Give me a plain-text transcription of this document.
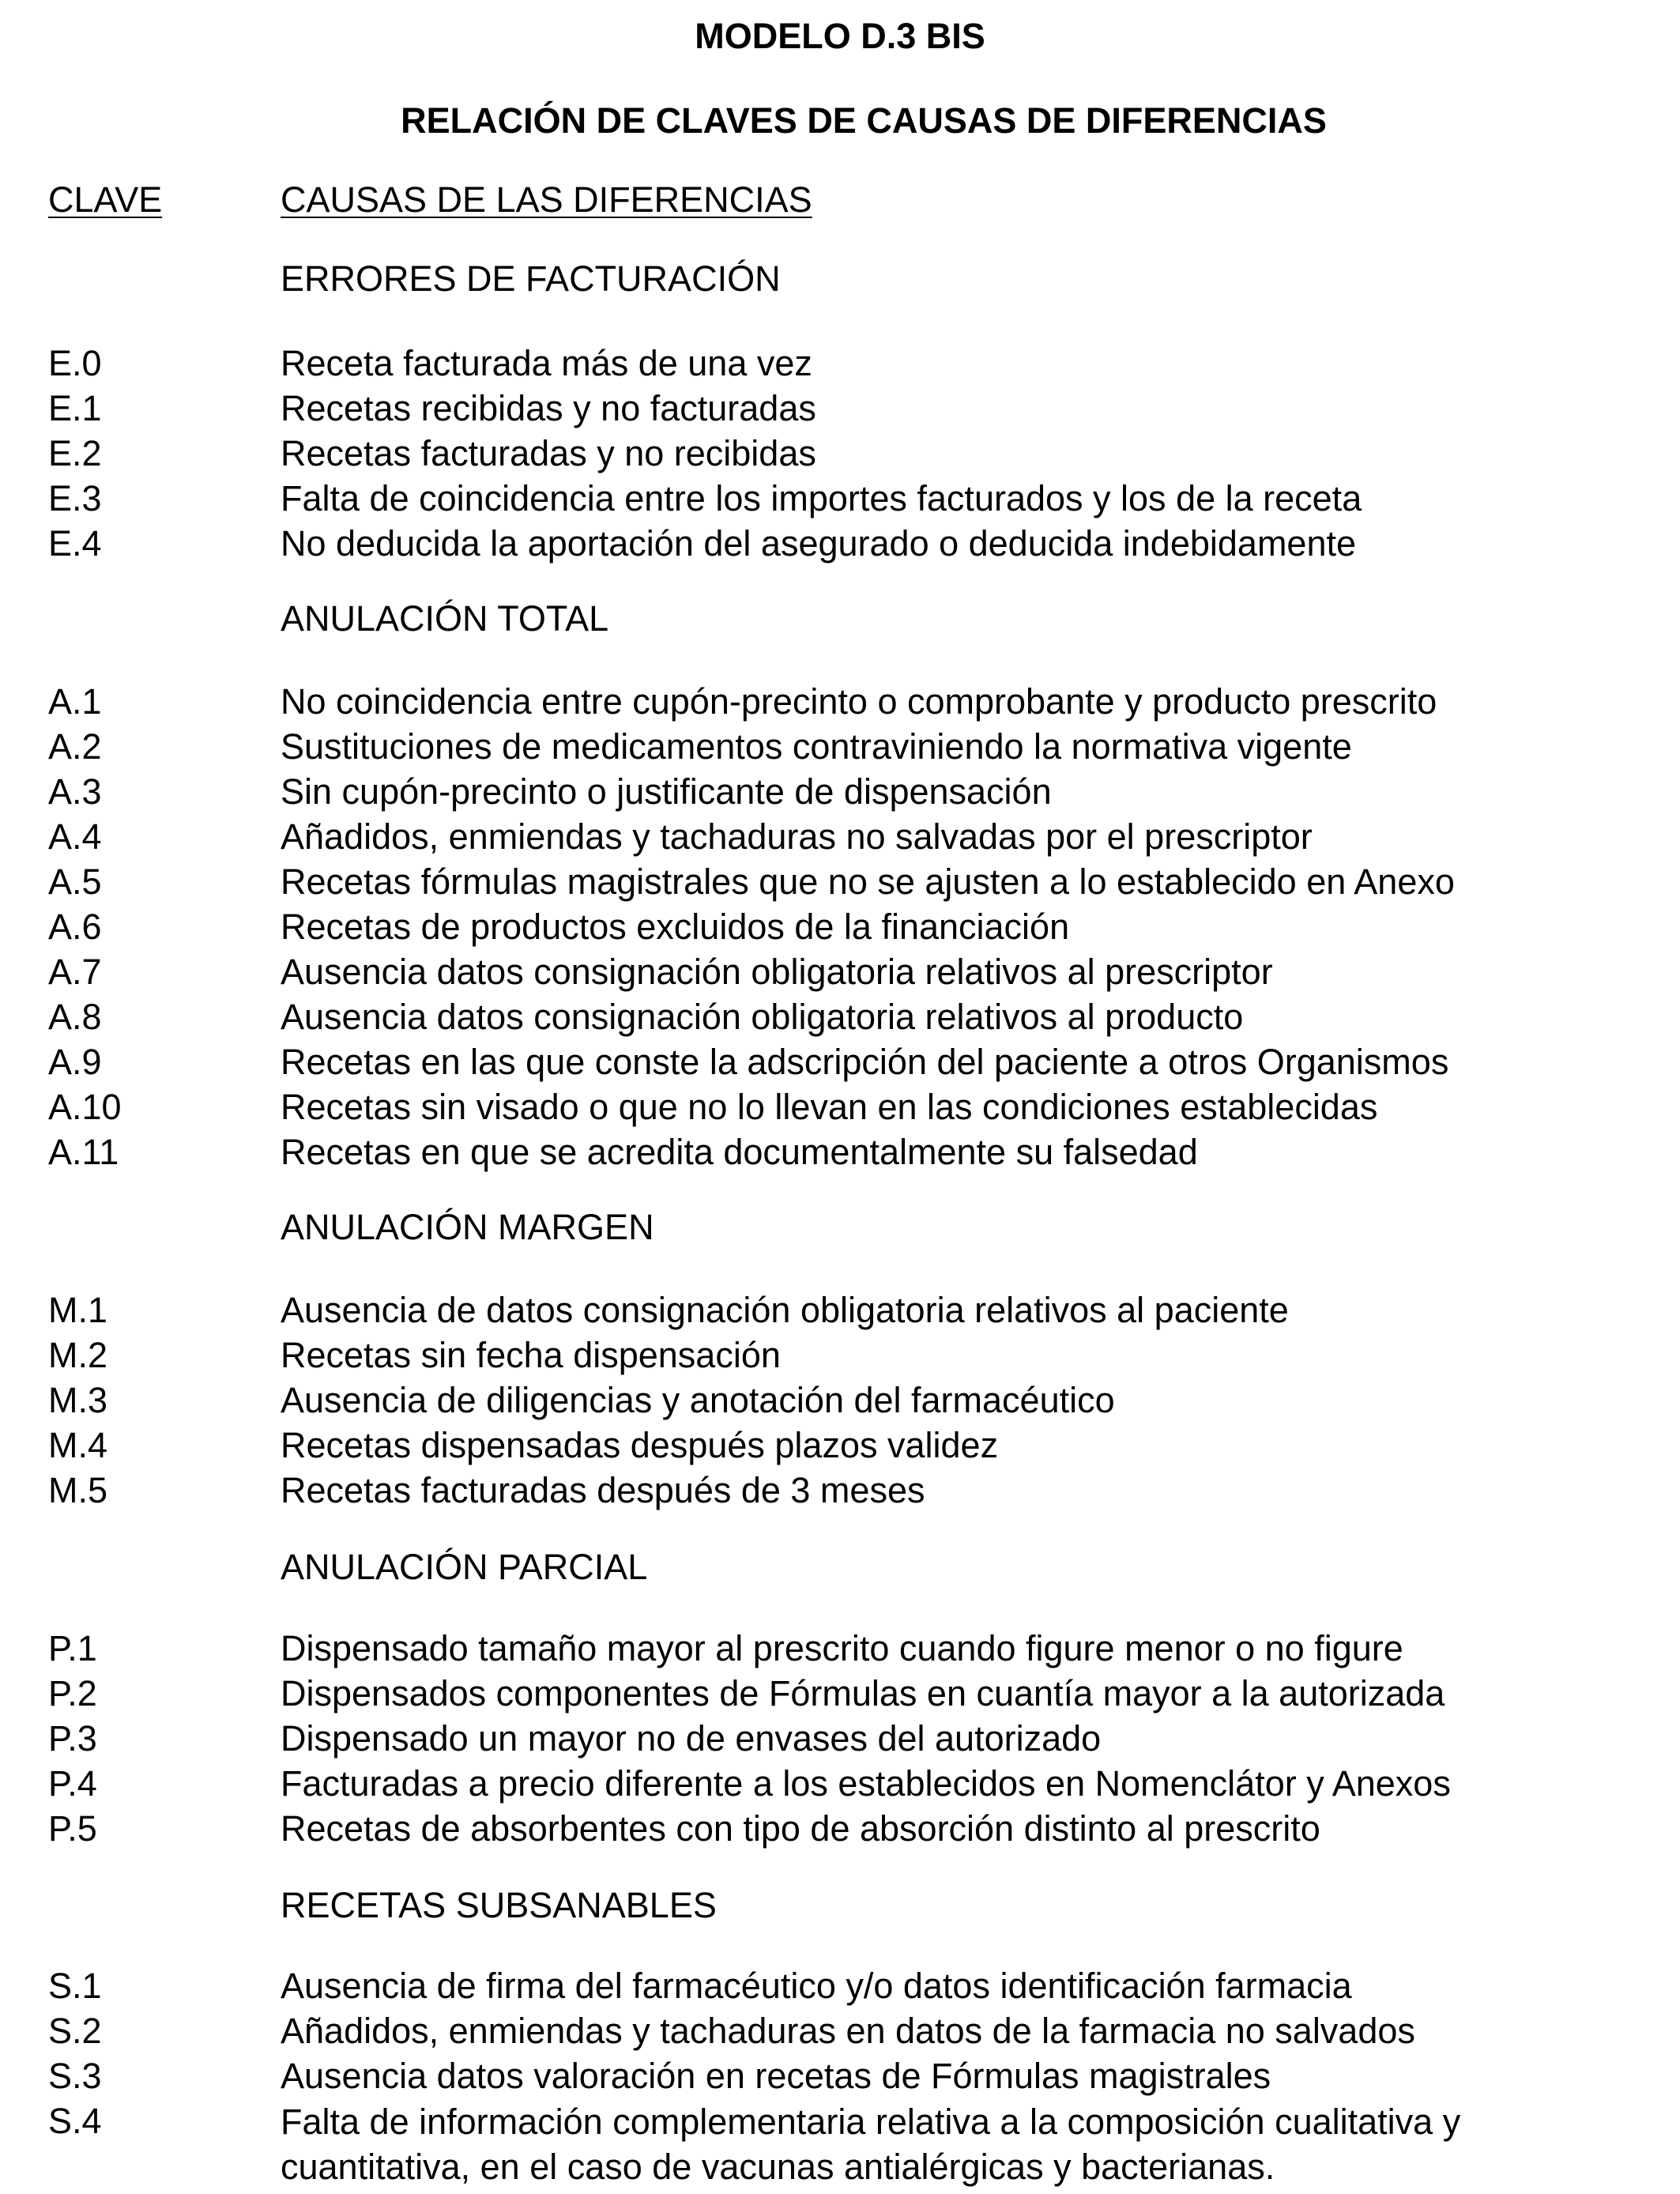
MODELO D.3 BIS
RELACIÓN DE CLAVES DE CAUSAS DE DIFERENCIAS
CLAVE	CAUSAS DE LAS DIFERENCIAS
ERRORES DE FACTURACIÓN
E.0	Receta facturada más de una vez
E.1	Recetas recibidas y no facturadas
E.2	Recetas facturadas y no recibidas
E.3	Falta de coincidencia entre los importes facturados y los de la receta
E.4	No deducida la aportación del asegurado o deducida indebidamente
ANULACIÓN TOTAL
A.1	No coincidencia entre cupón-precinto o comprobante y producto prescrito
A.2	Sustituciones de medicamentos contraviniendo la normativa vigente
A.3	Sin cupón-precinto o justificante de dispensación
A.4	Añadidos, enmiendas y tachaduras no salvadas por el prescriptor
A.5	Recetas fórmulas magistrales que no se ajusten a lo establecido en Anexo
A.6	Recetas de productos excluidos de la financiación
A.7	Ausencia datos consignación obligatoria relativos al prescriptor
A.8	Ausencia datos consignación obligatoria relativos al producto
A.9	Recetas en las que conste la adscripción del paciente a otros Organismos
A.10	Recetas sin visado o que no lo llevan en las condiciones establecidas
A.11	Recetas en que se acredita documentalmente su falsedad
ANULACIÓN MARGEN
M.1	Ausencia de datos consignación obligatoria relativos al paciente
M.2	Recetas sin fecha dispensación
M.3	Ausencia de diligencias y anotación del farmacéutico
M.4	Recetas dispensadas después plazos validez
M.5	Recetas facturadas después de 3 meses
ANULACIÓN PARCIAL
P.1	Dispensado tamaño mayor al prescrito cuando figure menor o no figure
P.2	Dispensados componentes de Fórmulas en cuantía mayor a la autorizada
P.3	Dispensado un mayor no de envases del autorizado
P.4	Facturadas a precio diferente a los establecidos en Nomenclátor y Anexos
P.5	Recetas de absorbentes con tipo de absorción distinto al prescrito
RECETAS SUBSANABLES
S.1	Ausencia de firma del farmacéutico y/o datos identificación farmacia
S.2	Añadidos, enmiendas y tachaduras en datos de la farmacia no salvados
S.3	Ausencia datos valoración en recetas de Fórmulas magistrales
S.4	Falta de información complementaria relativa a la composición cualitativa y cuantitativa, en el caso de vacunas antialérgicas y bacterianas.
